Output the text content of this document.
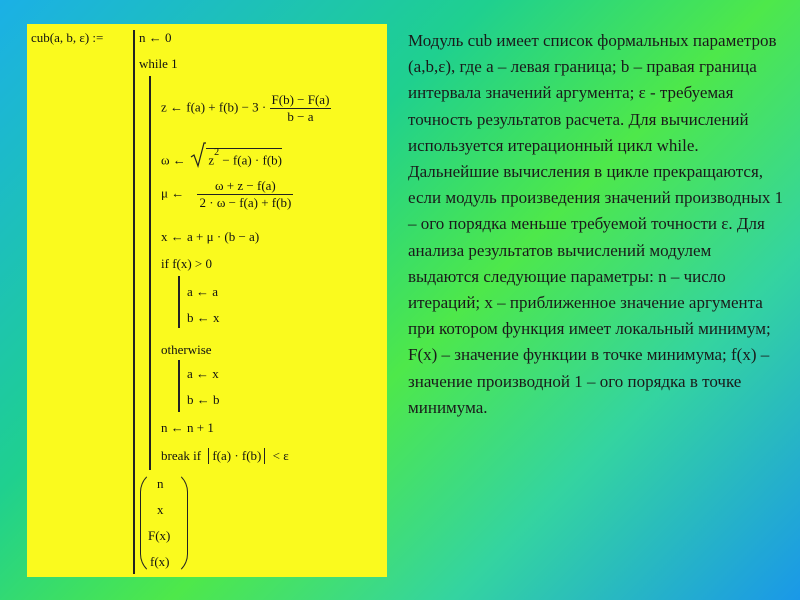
cub(a, b, ε) :=	n ← 0
while 1
z ← $f(a) + f(b) - 3 \cdot \frac{F(b) - F(a)}{b - a}$
ω ← $z^2 - f(a) \cdot f(b)$
μ ← $\frac{\omega + z - f(a)}{2 \cdot \omega - f(a) + f(b)}$
x ← a + μ · (b − a)
if f(x) > 0
a ← a
b ← x
otherwise
a ← x
b ← b
n ← n + 1
break if f(a) · f(b) < ε
n
x
F(x)
f(x)
Модуль cub имеет список формальных параметров (a,b,ε), где a – левая граница; b – правая граница интервала значений аргумента; ε - требуемая точность результатов расчета. Для вычислений используется итерационный цикл while. Дальнейшие вычисления в цикле прекращаются, если модуль произведения значений производных 1 – ого порядка меньше требуемой точности ε. Для анализа результатов вычислений модулем выдаются следующие параметры: n – число итераций; x – приближенное значение аргумента при котором функция имеет локальный минимум; F(x) – значение функции в точке минимума; f(x) – значение производной 1 – ого порядка в точке минимума.
